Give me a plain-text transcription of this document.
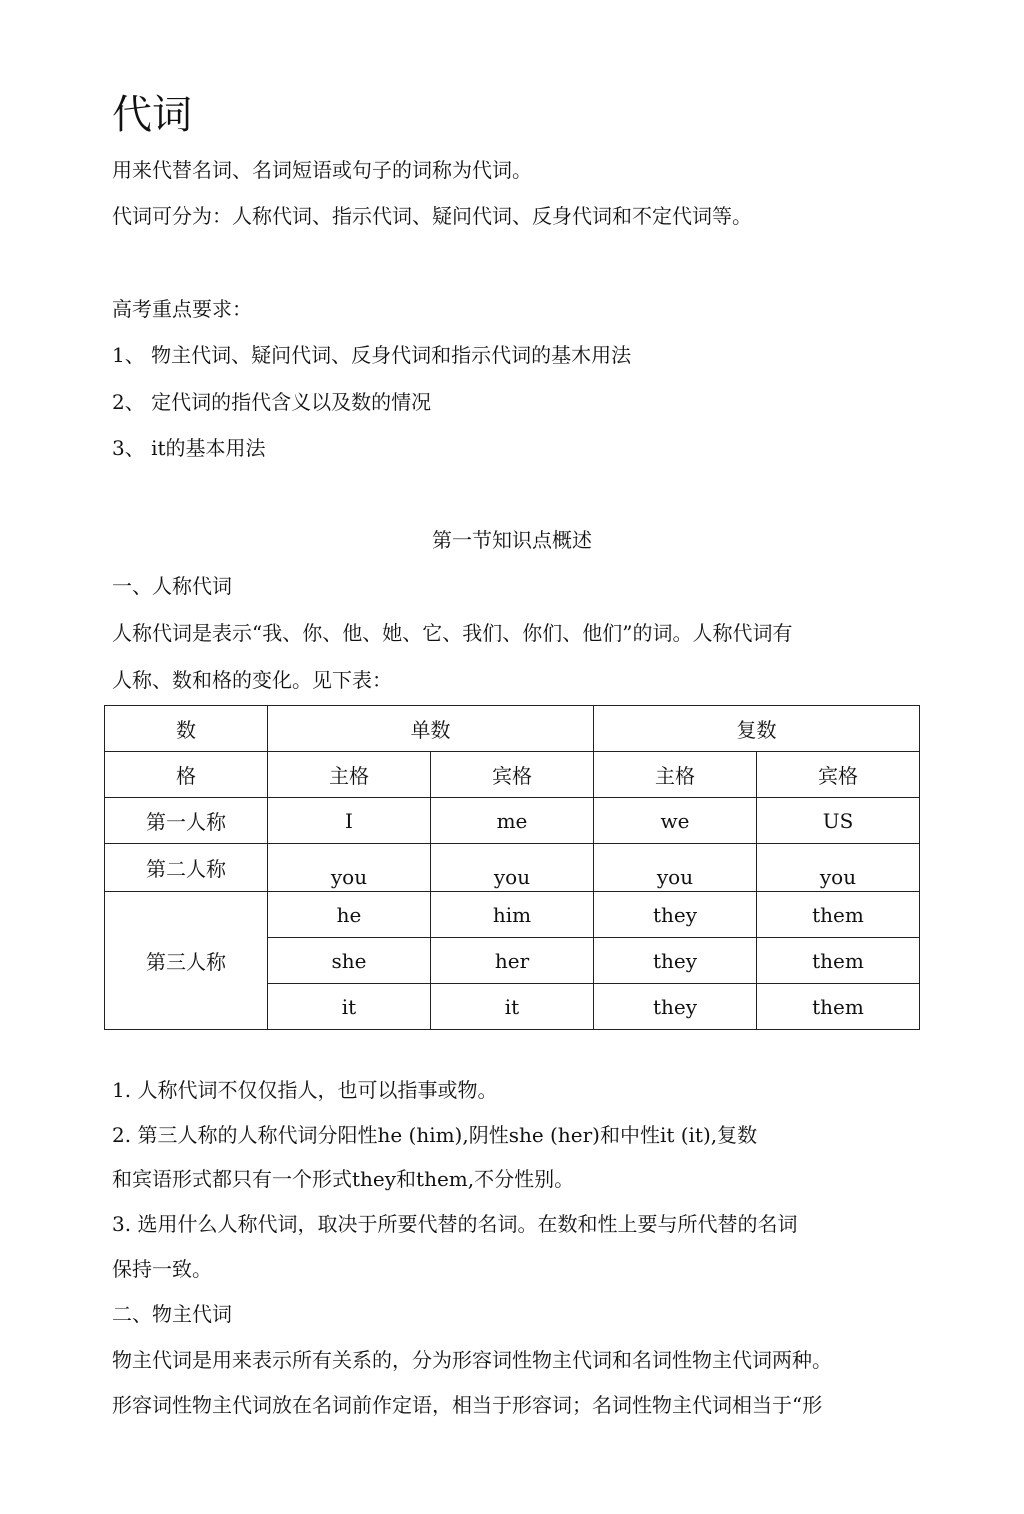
代词
用来代替名词、名词短语或句子的词称为代词。
代词可分为：人称代词、指示代词、疑问代词、反身代词和不定代词等。
高考重点要求：
1、 物主代词、疑问代词、反身代词和指示代词的基木用法
2、 定代词的指代含义以及数的情况
3、 it的基本用法
第一节知识点概述
一、人称代词
人称代词是表示“我、你、他、她、它、我们、你们、他们”的词。人称代词有
人称、数和格的变化。见下表：
数	单数		复数	
格	主格	宾格	主格	宾格
第一人称	I	me	we	US
第二人称	you	you	you	you
第三人称	he	him	they	them
	she	her	they	them
	it	it	they	them
1. 人称代词不仅仅指人，也可以指事或物。
2. 第三人称的人称代词分阳性he (him),阴性she (her)和中性it (it),复数
和宾语形式都只有一个形式they和them,不分性别。
3. 选用什么人称代词，取决于所要代替的名词。在数和性上要与所代替的名词
保持一致。
二、物主代词
物主代词是用来表示所有关系的，分为形容词性物主代词和名词性物主代词两种。
形容词性物主代词放在名词前作定语，相当于形容词；名词性物主代词相当于“形
